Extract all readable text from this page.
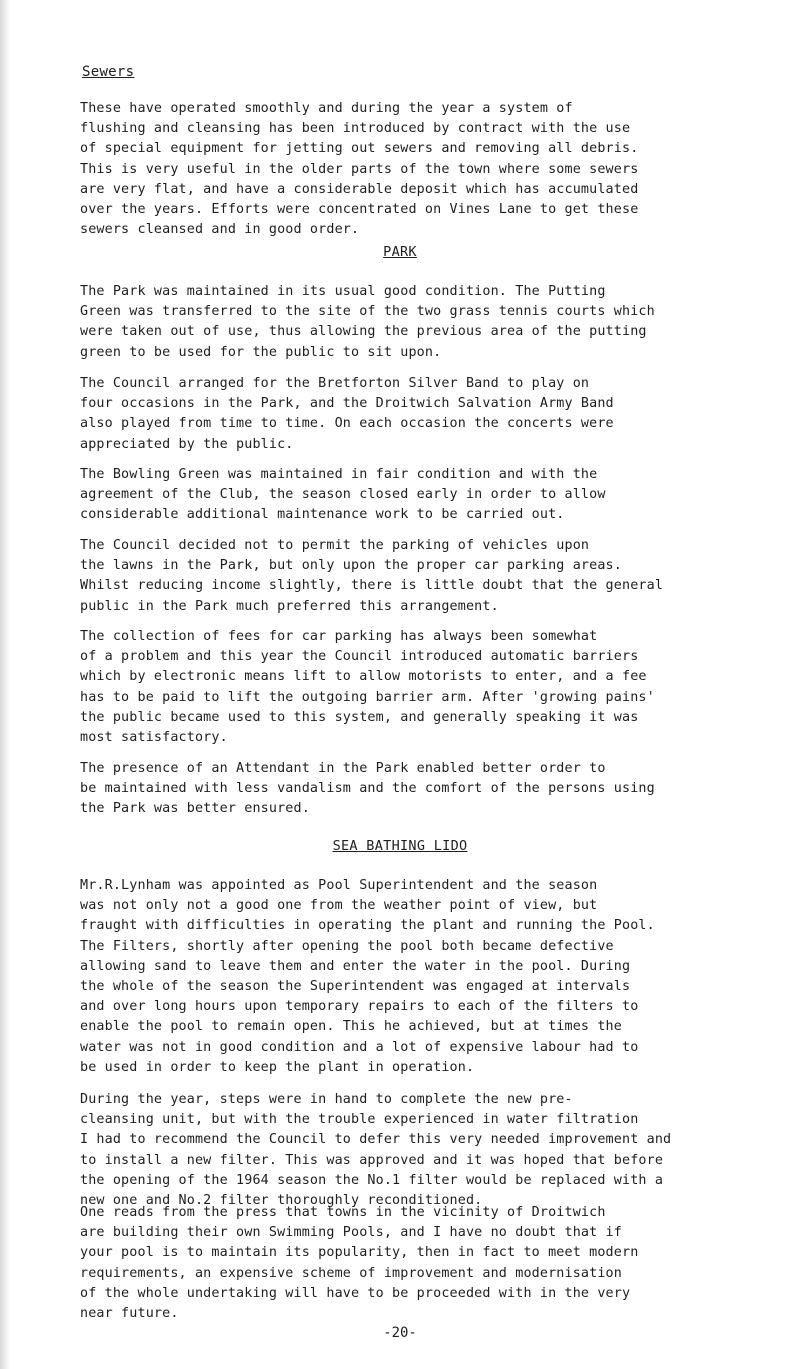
Sewers
These have operated smoothly and during the year a system of
flushing and cleansing has been introduced by contract with the use
of special equipment for jetting out sewers and removing all debris.
This is very useful in the older parts of the town where some sewers
are very flat, and have a considerable deposit which has accumulated
over the years. Efforts were concentrated on Vines Lane to get these
sewers cleansed and in good order.
PARK
The Park was maintained in its usual good condition. The Putting
Green was transferred to the site of the two grass tennis courts which
were taken out of use, thus allowing the previous area of the putting
green to be used for the public to sit upon.
The Council arranged for the Bretforton Silver Band to play on
four occasions in the Park, and the Droitwich Salvation Army Band
also played from time to time. On each occasion the concerts were
appreciated by the public.
The Bowling Green was maintained in fair condition and with the
agreement of the Club, the season closed early in order to allow
considerable additional maintenance work to be carried out.
The Council decided not to permit the parking of vehicles upon
the lawns in the Park, but only upon the proper car parking areas.
Whilst reducing income slightly, there is little doubt that the general
public in the Park much preferred this arrangement.
The collection of fees for car parking has always been somewhat
of a problem and this year the Council introduced automatic barriers
which by electronic means lift to allow motorists to enter, and a fee
has to be paid to lift the outgoing barrier arm. After 'growing pains'
the public became used to this system, and generally speaking it was
most satisfactory.
The presence of an Attendant in the Park enabled better order to
be maintained with less vandalism and the comfort of the persons using
the Park was better ensured.
SEA BATHING LIDO
Mr.R.Lynham was appointed as Pool Superintendent and the season
was not only not a good one from the weather point of view, but
fraught with difficulties in operating the plant and running the Pool.
The Filters, shortly after opening the pool both became defective
allowing sand to leave them and enter the water in the pool. During
the whole of the season the Superintendent was engaged at intervals
and over long hours upon temporary repairs to each of the filters to
enable the pool to remain open. This he achieved, but at times the
water was not in good condition and a lot of expensive labour had to
be used in order to keep the plant in operation.
During the year, steps were in hand to complete the new pre-
cleansing unit, but with the trouble experienced in water filtration
I had to recommend the Council to defer this very needed improvement and
to install a new filter. This was approved and it was hoped that before
the opening of the 1964 season the No.1 filter would be replaced with a
new one and No.2 filter thoroughly reconditioned.
One reads from the press that towns in the vicinity of Droitwich
are building their own Swimming Pools, and I have no doubt that if
your pool is to maintain its popularity, then in fact to meet modern
requirements, an expensive scheme of improvement and modernisation
of the whole undertaking will have to be proceeded with in the very
near future.
-20-
